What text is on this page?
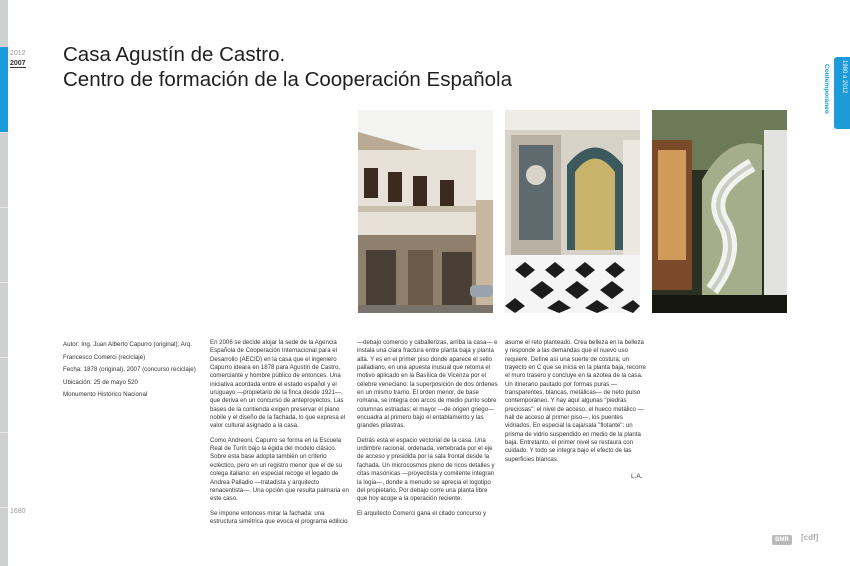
2012
2007
1680
Casa Agustín de Castro.
Centro de formación de la Cooperación Española	Contemporáneo	1980 a 2012
Autor: Ing. Juan Alberto Capurro (original); Arq.
Francesco Comerci (reciclaje)
Fecha: 1878 (original), 2007 (concurso reciclaje)
Ubicación: 25 de mayo 520
Monumento Histórico Nacional

En 2006 se decide alojar la sede de la Agencia Española de Cooperación Internacional para el Desarrollo (AECID) en la casa que el ingeniero Capurro ideara en 1878 para Agustín de Castro, comerciante y hombre público de entonces. Una iniciativa acordada entre el estado español y el uruguayo —propietario de la finca desde 1921—, que deriva en un concurso de anteproyectos. Las bases de la contienda exigen preservar el piano nobile y el diseño de la fachada, lo que expresa el valor cultural asignado a la casa.

Como Andreoni, Capurro se forma en la Escuela Real de Turín bajo la égida del modelo clásico. Sobre esta base adopta también un criterio ecléctico, pero en un registro menor que el de su colega italiano: en especial recoge el legado de Andrea Palladio —tratadista y arquitecto renacentista—. Una opción que resulta palmaria en este caso.

Se impone entonces mirar la fachada: una estructura simétrica que evoca el programa edilicio

—debajo comercio y caballerizas, arriba la casa— e instala una clara fractura entre planta baja y planta alta. Y es en el primer piso donde aparece el sello palladiano, en una apuesta inusual que retoma el motivo aplicado en la Basílica de Vicenza por el célebre veneciano: la superposición de dos órdenes en un mismo tramo. El orden menor, de base romana, se integra con arcos de medio punto sobre columnas estriadas; el mayor —de origen griego— encuadra al primero bajo el entablamento y las grandes pilastras.

Detrás está el espacio vectorial de la casa. Una urdimbre racional, ordenada, vertebrada por el eje de acceso y presidida por la sala frontal desde la fachada. Un microcosmos pleno de ricos detalles y citas masónicas —proyectista y comitente integran la logia—, donde a menudo se aprecia el logotipo del propietario. Por debajo corre una planta libre que hoy acoge a la operación reciente.

El arquitecto Comerci gana el citado concurso y

asume el reto planteado. Crea belleza en la belleza y responde a las demandas que el nuevo uso requiere. Define así una suerte de costura; un trayecto en C que se inicia en la planta baja, recorre el muro trasero y concluye en la azotea de la casa. Un itinerario pautado por formas puras —transparentes, blancas, metálicas— de neto pulso contemporáneo. Y hay aquí algunas "piedras preciosas": el nivel de acceso, el hueco metálico —hall de acceso al primer piso—, los puentes vidriados. En especial la caja/sala "flotante": un prisma de vidrio suspendido en medio de la planta baja. Entretanto, el primer nivel se restaura con cuidado. Y todo se integra bajo el efecto de las superficies blancas.

L.A.
BMR	[cdf]
